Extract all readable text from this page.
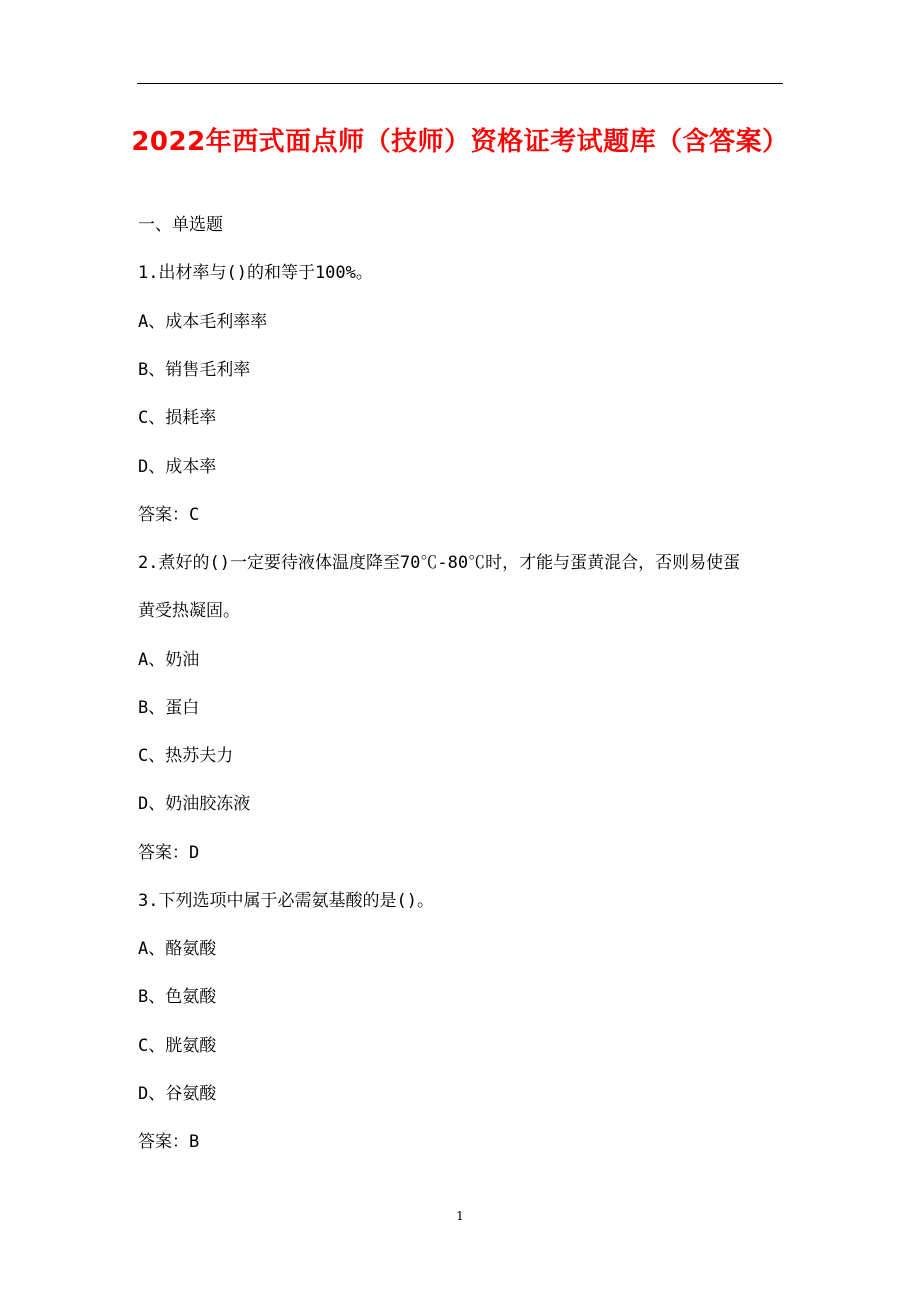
2022年西式面点师（技师）资格证考试题库（含答案）
一、单选题
1.出材率与()的和等于100%。
A、成本毛利率率
B、销售毛利率
C、损耗率
D、成本率
答案：C
2.煮好的()一定要待液体温度降至70℃-80℃时，才能与蛋黄混合，否则易使蛋
黄受热凝固。
A、奶油
B、蛋白
C、热苏夫力
D、奶油胶冻液
答案：D
3.下列选项中属于必需氨基酸的是()。
A、酪氨酸
B、色氨酸
C、胱氨酸
D、谷氨酸
答案：B
1
